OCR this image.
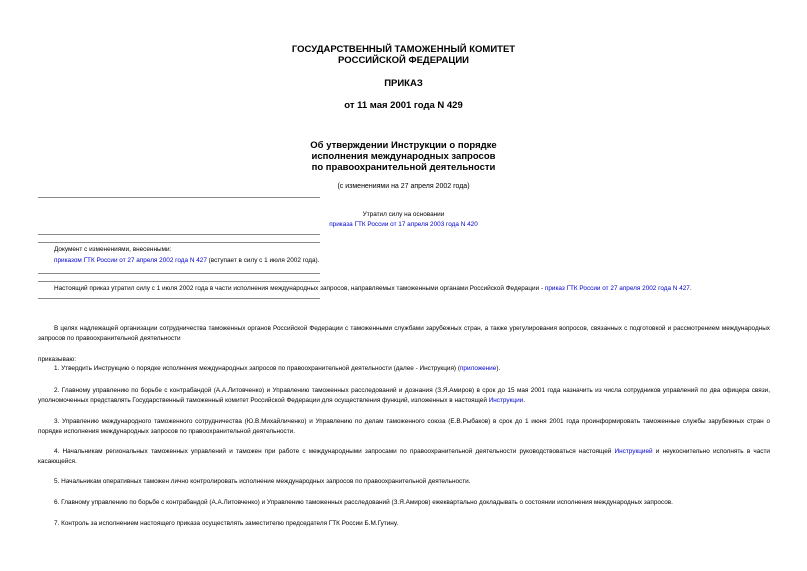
ГОСУДАРСТВЕННЫЙ ТАМОЖЕННЫЙ КОМИТЕТ
РОССИЙСКОЙ ФЕДЕРАЦИИ
ПРИКАЗ
от 11 мая 2001 года N 429
Об утверждении Инструкции о порядке
исполнения международных запросов
по правоохранительной деятельности
(с изменениями на 27 апреля 2002 года)
Утратил силу на основании
приказа ГТК России от 17 апреля 2003 года N 420
Документ с изменениями, внесенными:
приказом ГТК России от 27 апреля 2002 года N 427 (вступает в силу с 1 июля 2002 года).
Настоящий приказ утратил силу с 1 июля 2002 года в части исполнения международных запросов, направляемых таможенными органами Российской Федерации - приказ ГТК России от 27 апреля 2002 года N 427.
В целях надлежащей организации сотрудничества таможенных органов Российской Федерации с таможенными службами зарубежных стран, а также урегулирования вопросов, связанных с подготовкой и рассмотрением международных запросов по правоохранительной деятельности
приказываю:
1. Утвердить Инструкцию о порядке исполнения международных запросов по правоохранительной деятельности (далее - Инструкция) (приложение).
2. Главному управлению по борьбе с контрабандой (А.А.Литовченко) и Управлению таможенных расследований и дознания (З.Я.Амиров) в срок до 15 мая 2001 года назначить из числа сотрудников управлений по два офицера связи, уполномоченных представлять Государственный таможенный комитет Российской Федерации для осуществления функций, изложенных в настоящей Инструкции.
3. Управлению международного таможенного сотрудничества (Ю.В.Михайличенко) и Управлению по делам таможенного союза (Е.В.Рыбаков) в срок до 1 июня 2001 года проинформировать таможенные службы зарубежных стран о порядке исполнения международных запросов по правоохранительной деятельности.
4. Начальникам региональных таможенных управлений и таможен при работе с международными запросами по правоохранительной деятельности руководствоваться настоящей Инструкцией и неукоснительно исполнять в части касающейся.
5. Начальникам оперативных таможен лично контролировать исполнение международных запросов по правоохранительной деятельности.
6. Главному управлению по борьбе с контрабандой (А.А.Литовченко) и Управлению таможенных расследований (З.Я.Амиров) ежеквартально докладывать о состоянии исполнения международных запросов.
7. Контроль за исполнением настоящего приказа осуществлять заместителю председателя ГТК России Б.М.Гутину.
